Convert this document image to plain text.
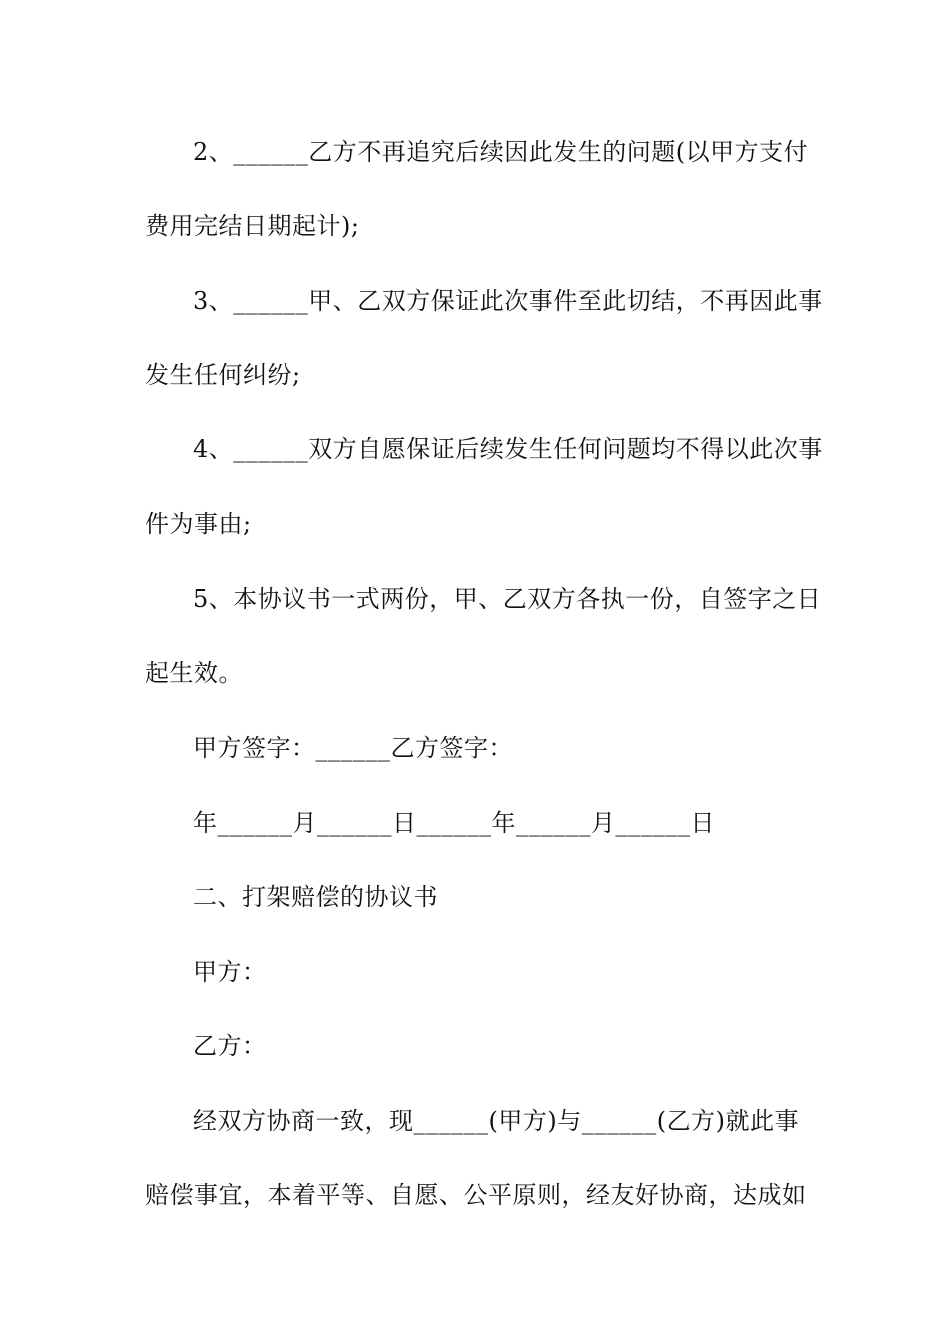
2、______乙方不再追究后续因此发生的问题(以甲方支付
费用完结日期起计);
3、______甲、乙双方保证此次事件至此切结，不再因此事
发生任何纠纷;
4、______双方自愿保证后续发生任何问题均不得以此次事
件为事由;
5、本协议书一式两份，甲、乙双方各执一份，自签字之日
起生效。
甲方签字：______乙方签字：
年______月______日______年______月______日
二、打架赔偿的协议书
甲方：
乙方：
经双方协商一致，现______(甲方)与______(乙方)就此事
赔偿事宜，本着平等、自愿、公平原则，经友好协商，达成如
